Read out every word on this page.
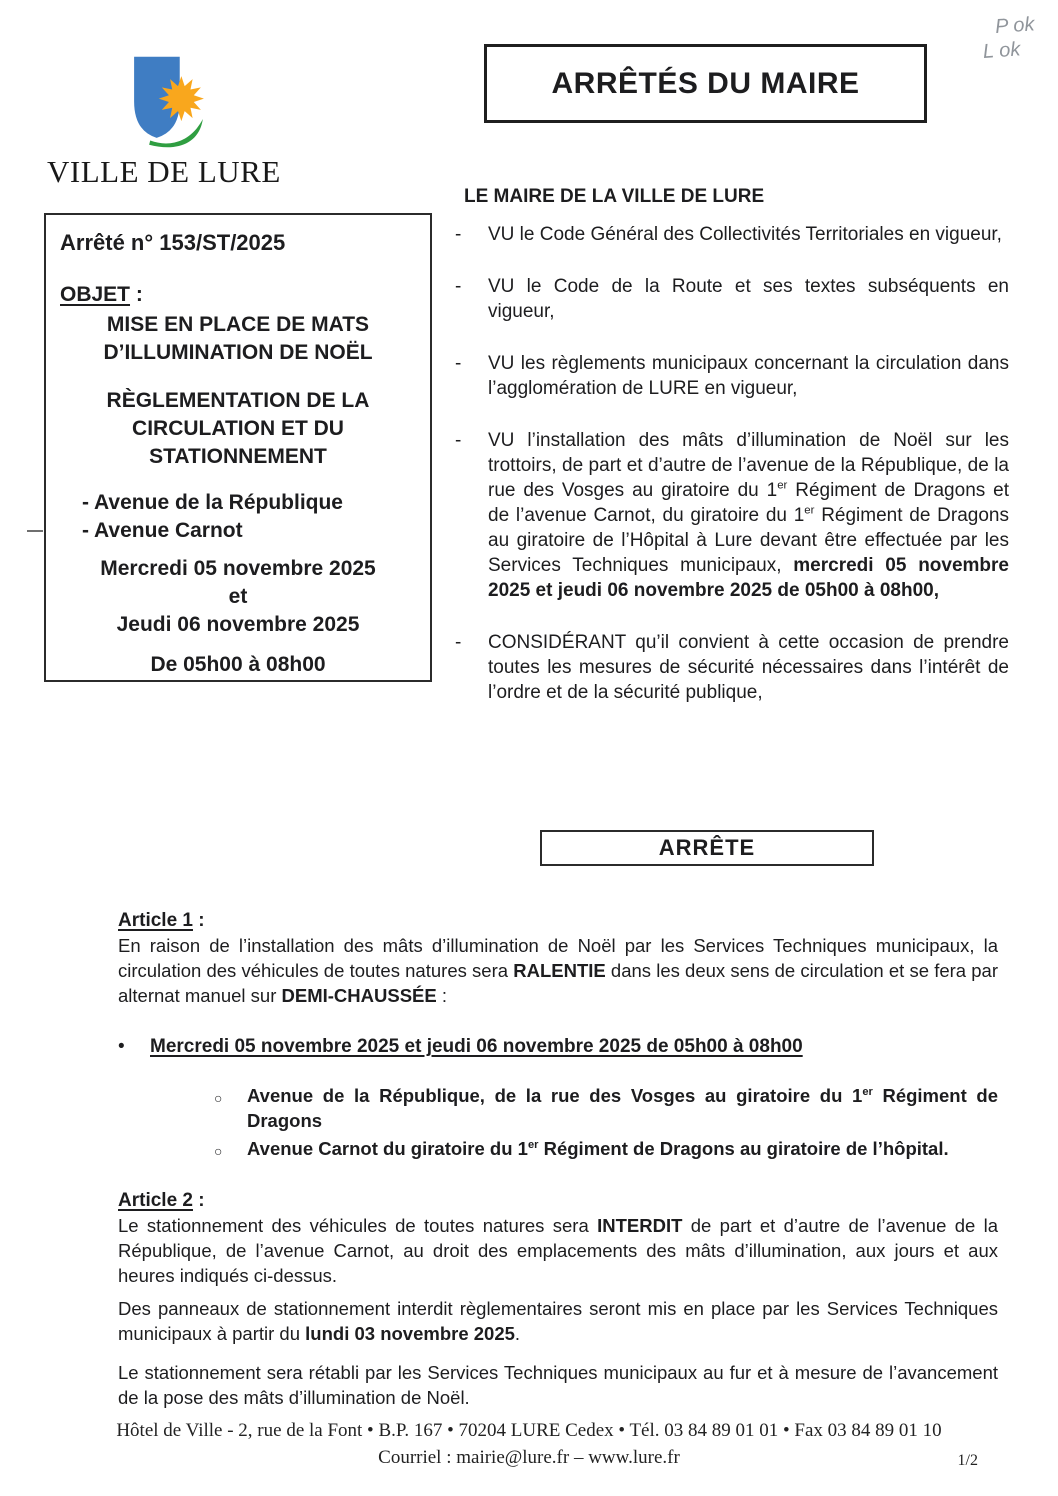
P ok
L ok
VILLE DE LURE
ARRÊTÉS DU MAIRE
LE MAIRE DE LA VILLE DE LURE
Arrêté n° 153/ST/2025
OBJET :
MISE EN PLACE DE MATS
D’ILLUMINATION DE NOËL
RÈGLEMENTATION DE LA
CIRCULATION ET DU
STATIONNEMENT
- Avenue de la République
- Avenue Carnot
Mercredi 05 novembre 2025
et
Jeudi 06 novembre 2025
De 05h00 à 08h00
-	VU le Code Général des Collectivités Territoriales en vigueur,
-	VU le Code de la Route et ses textes subséquents en vigueur,
-	VU les règlements municipaux concernant la circulation dans l’agglomération de LURE en vigueur,
-	VU l’installation des mâts d’illumination de Noël sur les trottoirs, de part et d’autre de l’avenue de la République, de la rue des Vosges au giratoire du 1er Régiment de Dragons et de l’avenue Carnot, du giratoire du 1er Régiment de Dragons au giratoire de l’Hôpital à Lure devant être effectuée par les Services Techniques municipaux, mercredi 05 novembre 2025 et jeudi 06 novembre 2025 de 05h00 à 08h00,
-	CONSIDÉRANT qu’il convient à cette occasion de prendre toutes les mesures de sécurité nécessaires dans l’intérêt de l’ordre et de la sécurité publique,
ARRÊTE
Article 1 :

En raison de l’installation des mâts d’illumination de Noël par les Services Techniques municipaux, la circulation des véhicules de toutes natures sera RALENTIE dans les deux sens de circulation et se fera par alternat manuel sur DEMI-CHAUSSÉE :

•	Mercredi 05 novembre 2025 et jeudi 06 novembre 2025 de 05h00 à 08h00
○	Avenue de la République, de la rue des Vosges au giratoire du 1er Régiment de Dragons
○	Avenue Carnot du giratoire du 1er Régiment de Dragons au giratoire de l’hôpital.
Article 2 :

Le stationnement des véhicules de toutes natures sera INTERDIT de part et d’autre de l’avenue de la République, de l’avenue Carnot, au droit des emplacements des mâts d’illumination, aux jours et aux heures indiqués ci-dessus.

Des panneaux de stationnement interdit règlementaires seront mis en place par les Services Techniques municipaux à partir du lundi 03 novembre 2025.

Le stationnement sera rétabli par les Services Techniques municipaux au fur et à mesure de l’avancement de la pose des mâts d’illumination de Noël.

Hôtel de Ville - 2, rue de la Font • B.P. 167 • 70204 LURE Cedex • Tél. 03 84 89 01 01 • Fax 03 84 89 01 10
Courriel : mairie@lure.fr – www.lure.fr	1/2
